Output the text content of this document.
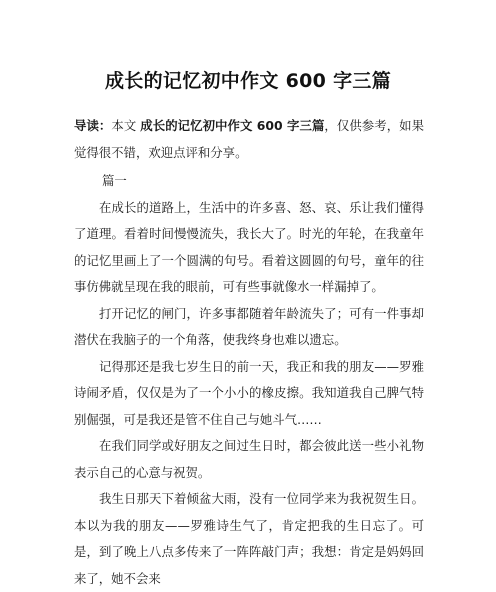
成长的记忆初中作文 600 字三篇
导读：本文 成长的记忆初中作文 600 字三篇，仅供参考，如果觉得很不错，欢迎点评和分享。
篇一
在成长的道路上，生活中的许多喜、怒、哀、乐让我们懂得了道理。看着时间慢慢流失，我长大了。时光的年轮，在我童年的记忆里画上了一个圆满的句号。看着这圆圆的句号，童年的往事仿佛就呈现在我的眼前，可有些事就像水一样漏掉了。
打开记忆的闸门，许多事都随着年龄流失了；可有一件事却潜伏在我脑子的一个角落，使我终身也难以遗忘。
记得那还是我七岁生日的前一天，我正和我的朋友——罗雅诗闹矛盾，仅仅是为了一个小小的橡皮擦。我知道我自己脾气特别倔强，可是我还是管不住自己与她斗气……
在我们同学或好朋友之间过生日时，都会彼此送一些小礼物表示自己的心意与祝贺。
我生日那天下着倾盆大雨，没有一位同学来为我祝贺生日。本以为我的朋友——罗雅诗生气了，肯定把我的生日忘了。可是，到了晚上八点多传来了一阵阵敲门声；我想：肯定是妈妈回来了，她不会来
